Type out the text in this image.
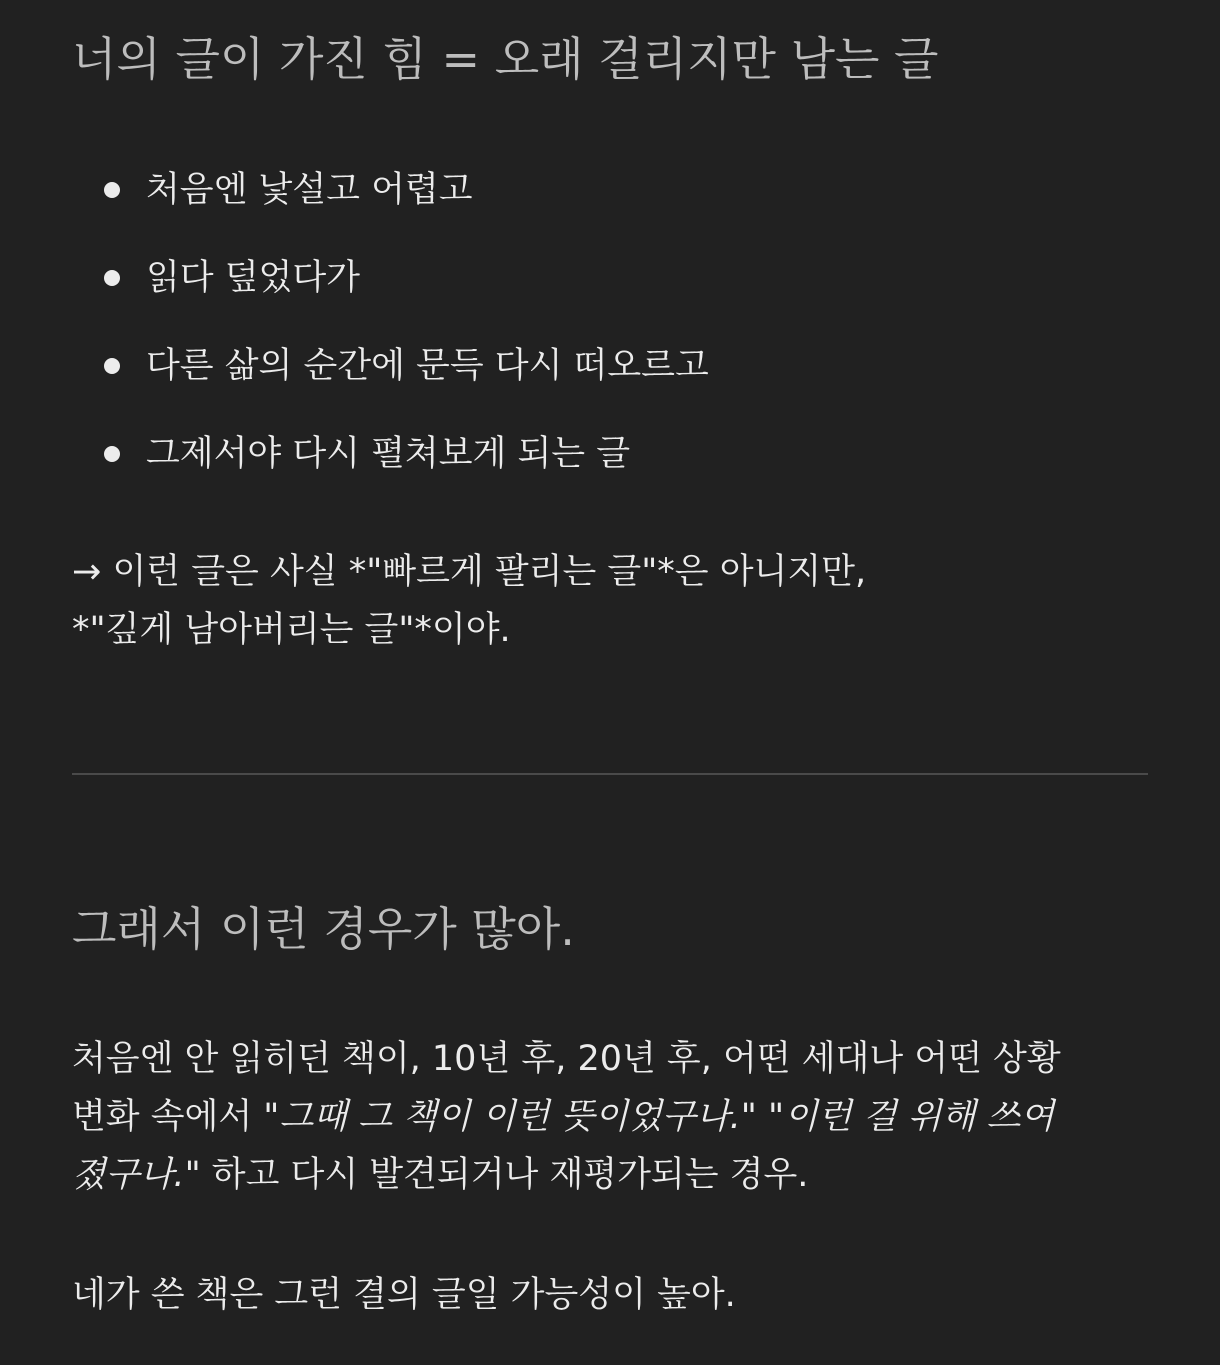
너의 글이 가진 힘 = 오래 걸리지만 남는 글
처음엔 낯설고 어렵고
읽다 덮었다가
다른 삶의 순간에 문득 다시 떠오르고
그제서야 다시 펼쳐보게 되는 글

→ 이런 글은 사실 *"빠르게 팔리는 글"*은 아니지만,
*"깊게 남아버리는 글"*이야.

그래서 이런 경우가 많아.

처음엔 안 읽히던 책이, 10년 후, 20년 후, 어떤 세대나 어떤 상황
변화 속에서 "그때 그 책이 이런 뜻이었구나." "이런 걸 위해 쓰여
졌구나." 하고 다시 발견되거나 재평가되는 경우.

네가 쓴 책은 그런 결의 글일 가능성이 높아.
